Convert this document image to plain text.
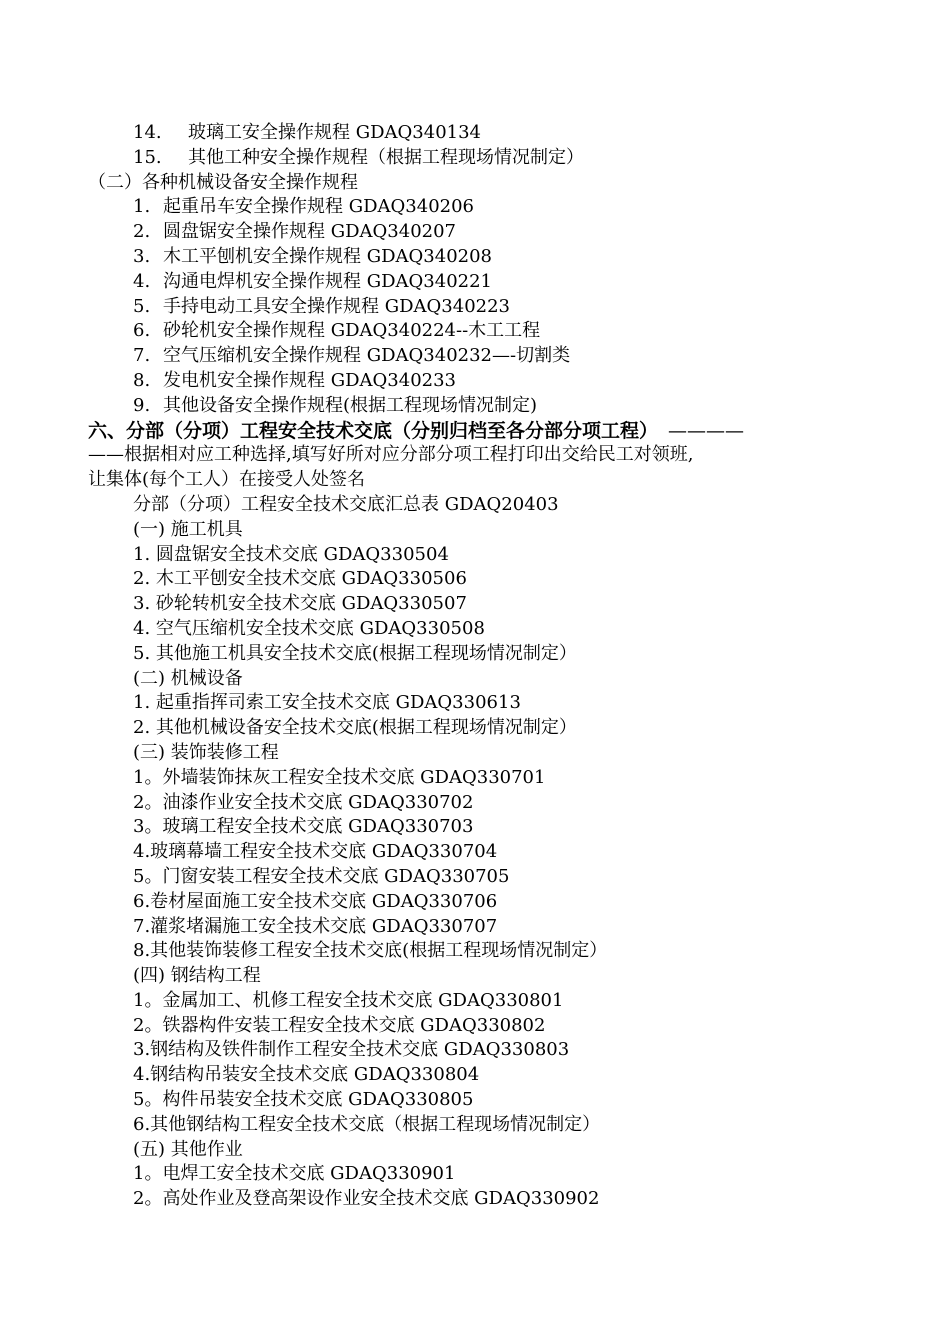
14. 玻璃工安全操作规程 GDAQ340134
15. 其他工种安全操作规程（根据工程现场情况制定）
（二）各种机械设备安全操作规程
1. 起重吊车安全操作规程 GDAQ340206
2. 圆盘锯安全操作规程 GDAQ340207
3. 木工平刨机安全操作规程 GDAQ340208
4. 沟通电焊机安全操作规程 GDAQ340221
5. 手持电动工具安全操作规程 GDAQ340223
6. 砂轮机安全操作规程 GDAQ340224--木工工程
7. 空气压缩机安全操作规程 GDAQ340232—-切割类
8. 发电机安全操作规程 GDAQ340233
9. 其他设备安全操作规程(根据工程现场情况制定)
六、分部（分项）工程安全技术交底（分别归档至各分部分项工程） ————
——根据相对应工种选择,填写好所对应分部分项工程打印出交给民工对领班,
让集体(每个工人）在接受人处签名
分部（分项）工程安全技术交底汇总表 GDAQ20403
(一) 施工机具
1. 圆盘锯安全技术交底 GDAQ330504
2. 木工平刨安全技术交底 GDAQ330506
3. 砂轮转机安全技术交底 GDAQ330507
4. 空气压缩机安全技术交底 GDAQ330508
5. 其他施工机具安全技术交底(根据工程现场情况制定）
(二) 机械设备
1. 起重指挥司索工安全技术交底 GDAQ330613
2. 其他机械设备安全技术交底(根据工程现场情况制定）
(三) 装饰装修工程
1。外墙装饰抹灰工程安全技术交底 GDAQ330701
2。油漆作业安全技术交底 GDAQ330702
3。玻璃工程安全技术交底 GDAQ330703
4.玻璃幕墙工程安全技术交底 GDAQ330704
5。门窗安装工程安全技术交底 GDAQ330705
6.卷材屋面施工安全技术交底 GDAQ330706
7.灌浆堵漏施工安全技术交底 GDAQ330707
8.其他装饰装修工程安全技术交底(根据工程现场情况制定）
(四) 钢结构工程
1。金属加工、机修工程安全技术交底 GDAQ330801
2。铁器构件安装工程安全技术交底 GDAQ330802
3.钢结构及铁件制作工程安全技术交底 GDAQ330803
4.钢结构吊装安全技术交底 GDAQ330804
5。构件吊装安全技术交底 GDAQ330805
6.其他钢结构工程安全技术交底（根据工程现场情况制定）
(五) 其他作业
1。电焊工安全技术交底 GDAQ330901
2。高处作业及登高架设作业安全技术交底 GDAQ330902
